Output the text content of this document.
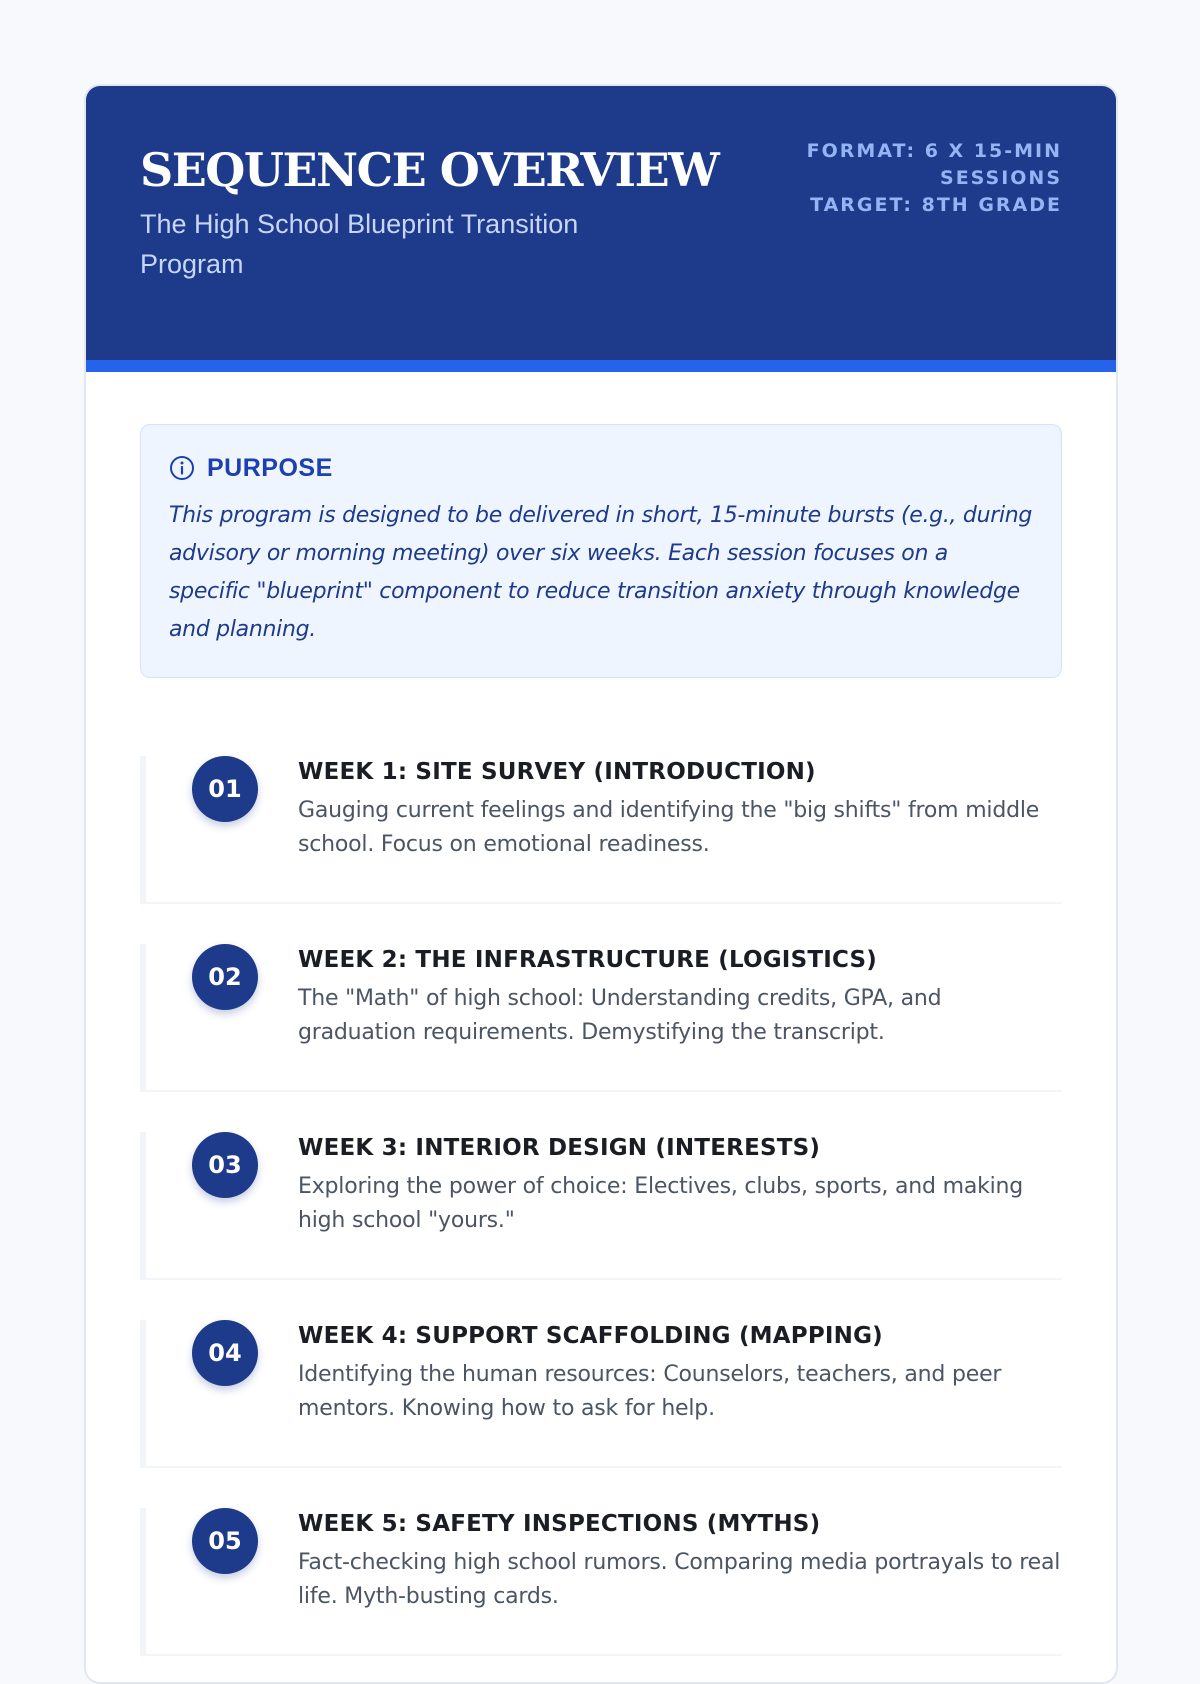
SEQUENCE OVERVIEW
The High School Blueprint Transition Program
FORMAT: 6 X 15-MIN SESSIONS
TARGET: 8TH GRADE
PURPOSE
This program is designed to be delivered in short, 15-minute bursts (e.g., during advisory or morning meeting) over six weeks. Each session focuses on a specific "blueprint" component to reduce transition anxiety through knowledge and planning.
01
WEEK 1: SITE SURVEY (INTRODUCTION)
Gauging current feelings and identifying the "big shifts" from middle school. Focus on emotional readiness.
02
WEEK 2: THE INFRASTRUCTURE (LOGISTICS)
The "Math" of high school: Understanding credits, GPA, and graduation requirements. Demystifying the transcript.
03
WEEK 3: INTERIOR DESIGN (INTERESTS)
Exploring the power of choice: Electives, clubs, sports, and making high school "yours."
04
WEEK 4: SUPPORT SCAFFOLDING (MAPPING)
Identifying the human resources: Counselors, teachers, and peer mentors. Knowing how to ask for help.
05
WEEK 5: SAFETY INSPECTIONS (MYTHS)
Fact-checking high school rumors. Comparing media portrayals to real life. Myth-busting cards.
